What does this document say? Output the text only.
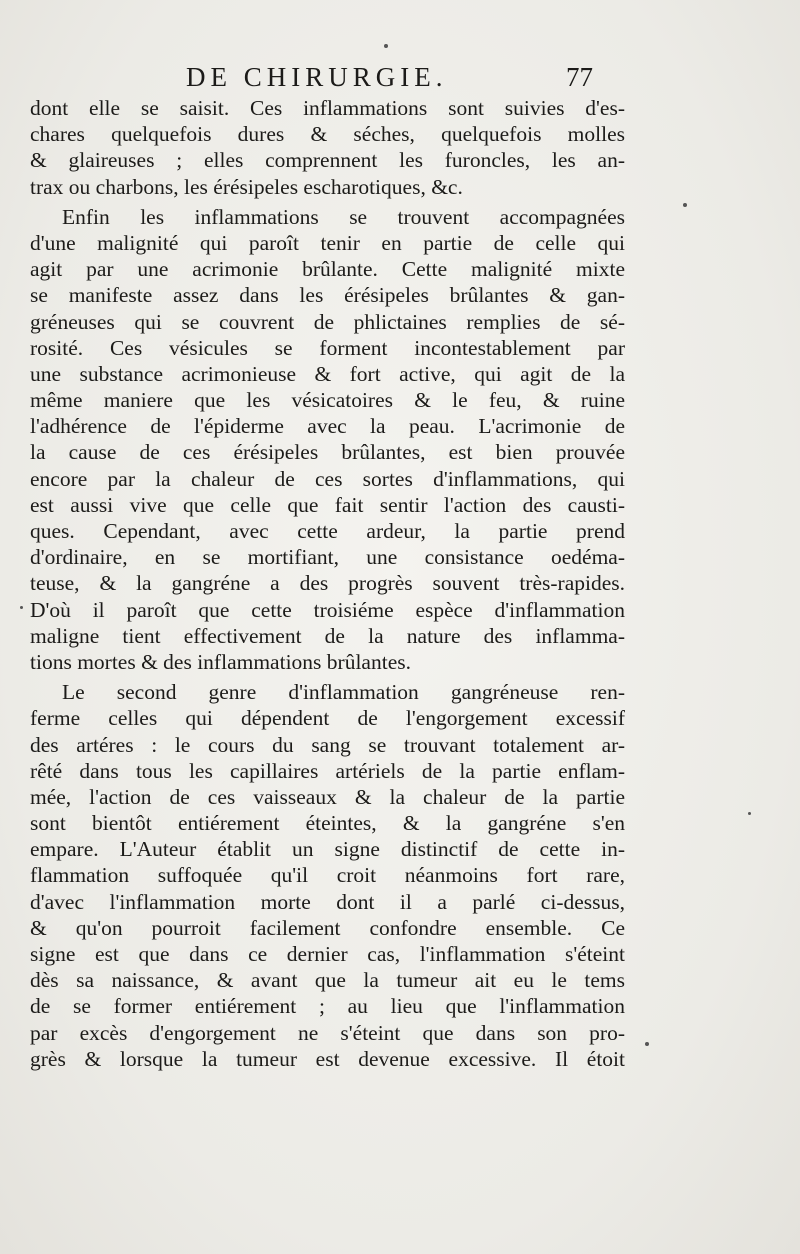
DE CHIRURGIE.	77
dont elle se saisit. Ces inflammations sont suivies d'es-
chares quelquefois dures & séches, quelquefois molles
& glaireuses ; elles comprennent les furoncles, les an-
trax ou charbons, les érésipeles escharotiques, &c.
Enfin les inflammations se trouvent accompagnées
d'une malignité qui paroît tenir en partie de celle qui
agit par une acrimonie brûlante. Cette malignité mixte
se manifeste assez dans les érésipeles brûlantes & gan-
gréneuses qui se couvrent de phlictaines remplies de sé-
rosité. Ces vésicules se forment incontestablement par
une substance acrimonieuse & fort active, qui agit de la
même maniere que les vésicatoires & le feu, & ruine
l'adhérence de l'épiderme avec la peau. L'acrimonie de
la cause de ces érésipeles brûlantes, est bien prouvée
encore par la chaleur de ces sortes d'inflammations, qui
est aussi vive que celle que fait sentir l'action des causti-
ques. Cependant, avec cette ardeur, la partie prend
d'ordinaire, en se mortifiant, une consistance oedéma-
teuse, & la gangréne a des progrès souvent très-rapides.
D'où il paroît que cette troisiéme espèce d'inflammation
maligne tient effectivement de la nature des inflamma-
tions mortes & des inflammations brûlantes.
Le second genre d'inflammation gangréneuse ren-
ferme celles qui dépendent de l'engorgement excessif
des artéres : le cours du sang se trouvant totalement ar-
rêté dans tous les capillaires artériels de la partie enflam-
mée, l'action de ces vaisseaux & la chaleur de la partie
sont bientôt entiérement éteintes, & la gangréne s'en
empare. L'Auteur établit un signe distinctif de cette in-
flammation suffoquée qu'il croit néanmoins fort rare,
d'avec l'inflammation morte dont il a parlé ci-dessus,
& qu'on pourroit facilement confondre ensemble. Ce
signe est que dans ce dernier cas, l'inflammation s'éteint
dès sa naissance, & avant que la tumeur ait eu le tems
de se former entiérement ; au lieu que l'inflammation
par excès d'engorgement ne s'éteint que dans son pro-
grès & lorsque la tumeur est devenue excessive. Il étoit
